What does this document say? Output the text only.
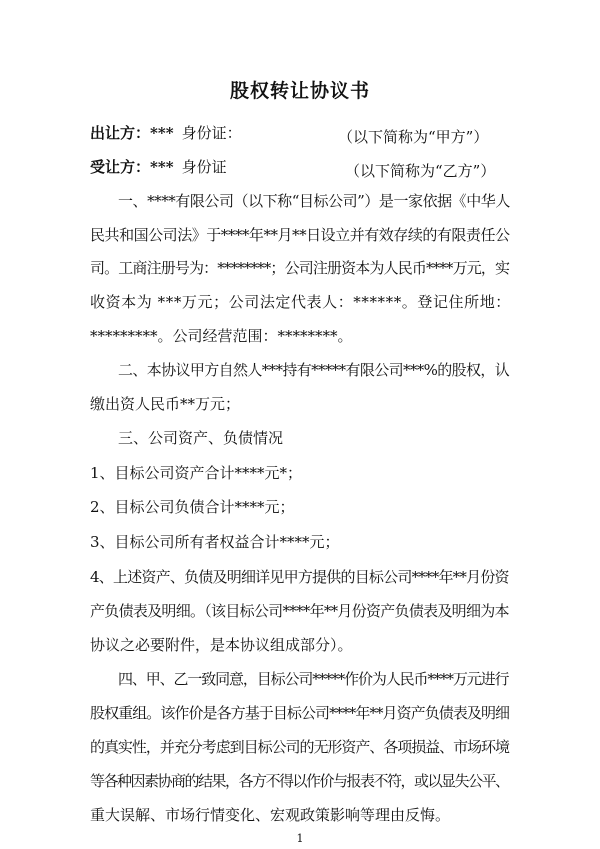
股权转让协议书
出让方：*** 身份证：	（以下简称为“甲方”）
受让方：*** 身份证	（以下简称为“乙方”）
一、****有限公司（以下称“目标公司”）是一家依据《中华人
民共和国公司法》于****年**月**日设立并有效存续的有限责任公
司。工商注册号为：********；公司注册资本为人民币****万元，实
收资本为 ***万元；公司法定代表人：******。登记住所地：
*********。公司经营范围：********。
二、本协议甲方自然人***持有*****有限公司***%的股权，认
缴出资人民币**万元；
三、公司资产、负债情况
1、目标公司资产合计****元*；
2、目标公司负债合计****元；
3、目标公司所有者权益合计****元；
4、上述资产、负债及明细详见甲方提供的目标公司****年**月份资
产负债表及明细。（该目标公司****年**月份资产负债表及明细为本
协议之必要附件，是本协议组成部分）。
四、甲、乙一致同意，目标公司*****作价为人民币****万元进行
股权重组。该作价是各方基于目标公司****年**月资产负债表及明细
的真实性，并充分考虑到目标公司的无形资产、各项损益、市场环境
等各种因素协商的结果，各方不得以作价与报表不符，或以显失公平、
重大误解、市场行情变化、宏观政策影响等理由反悔。
1
